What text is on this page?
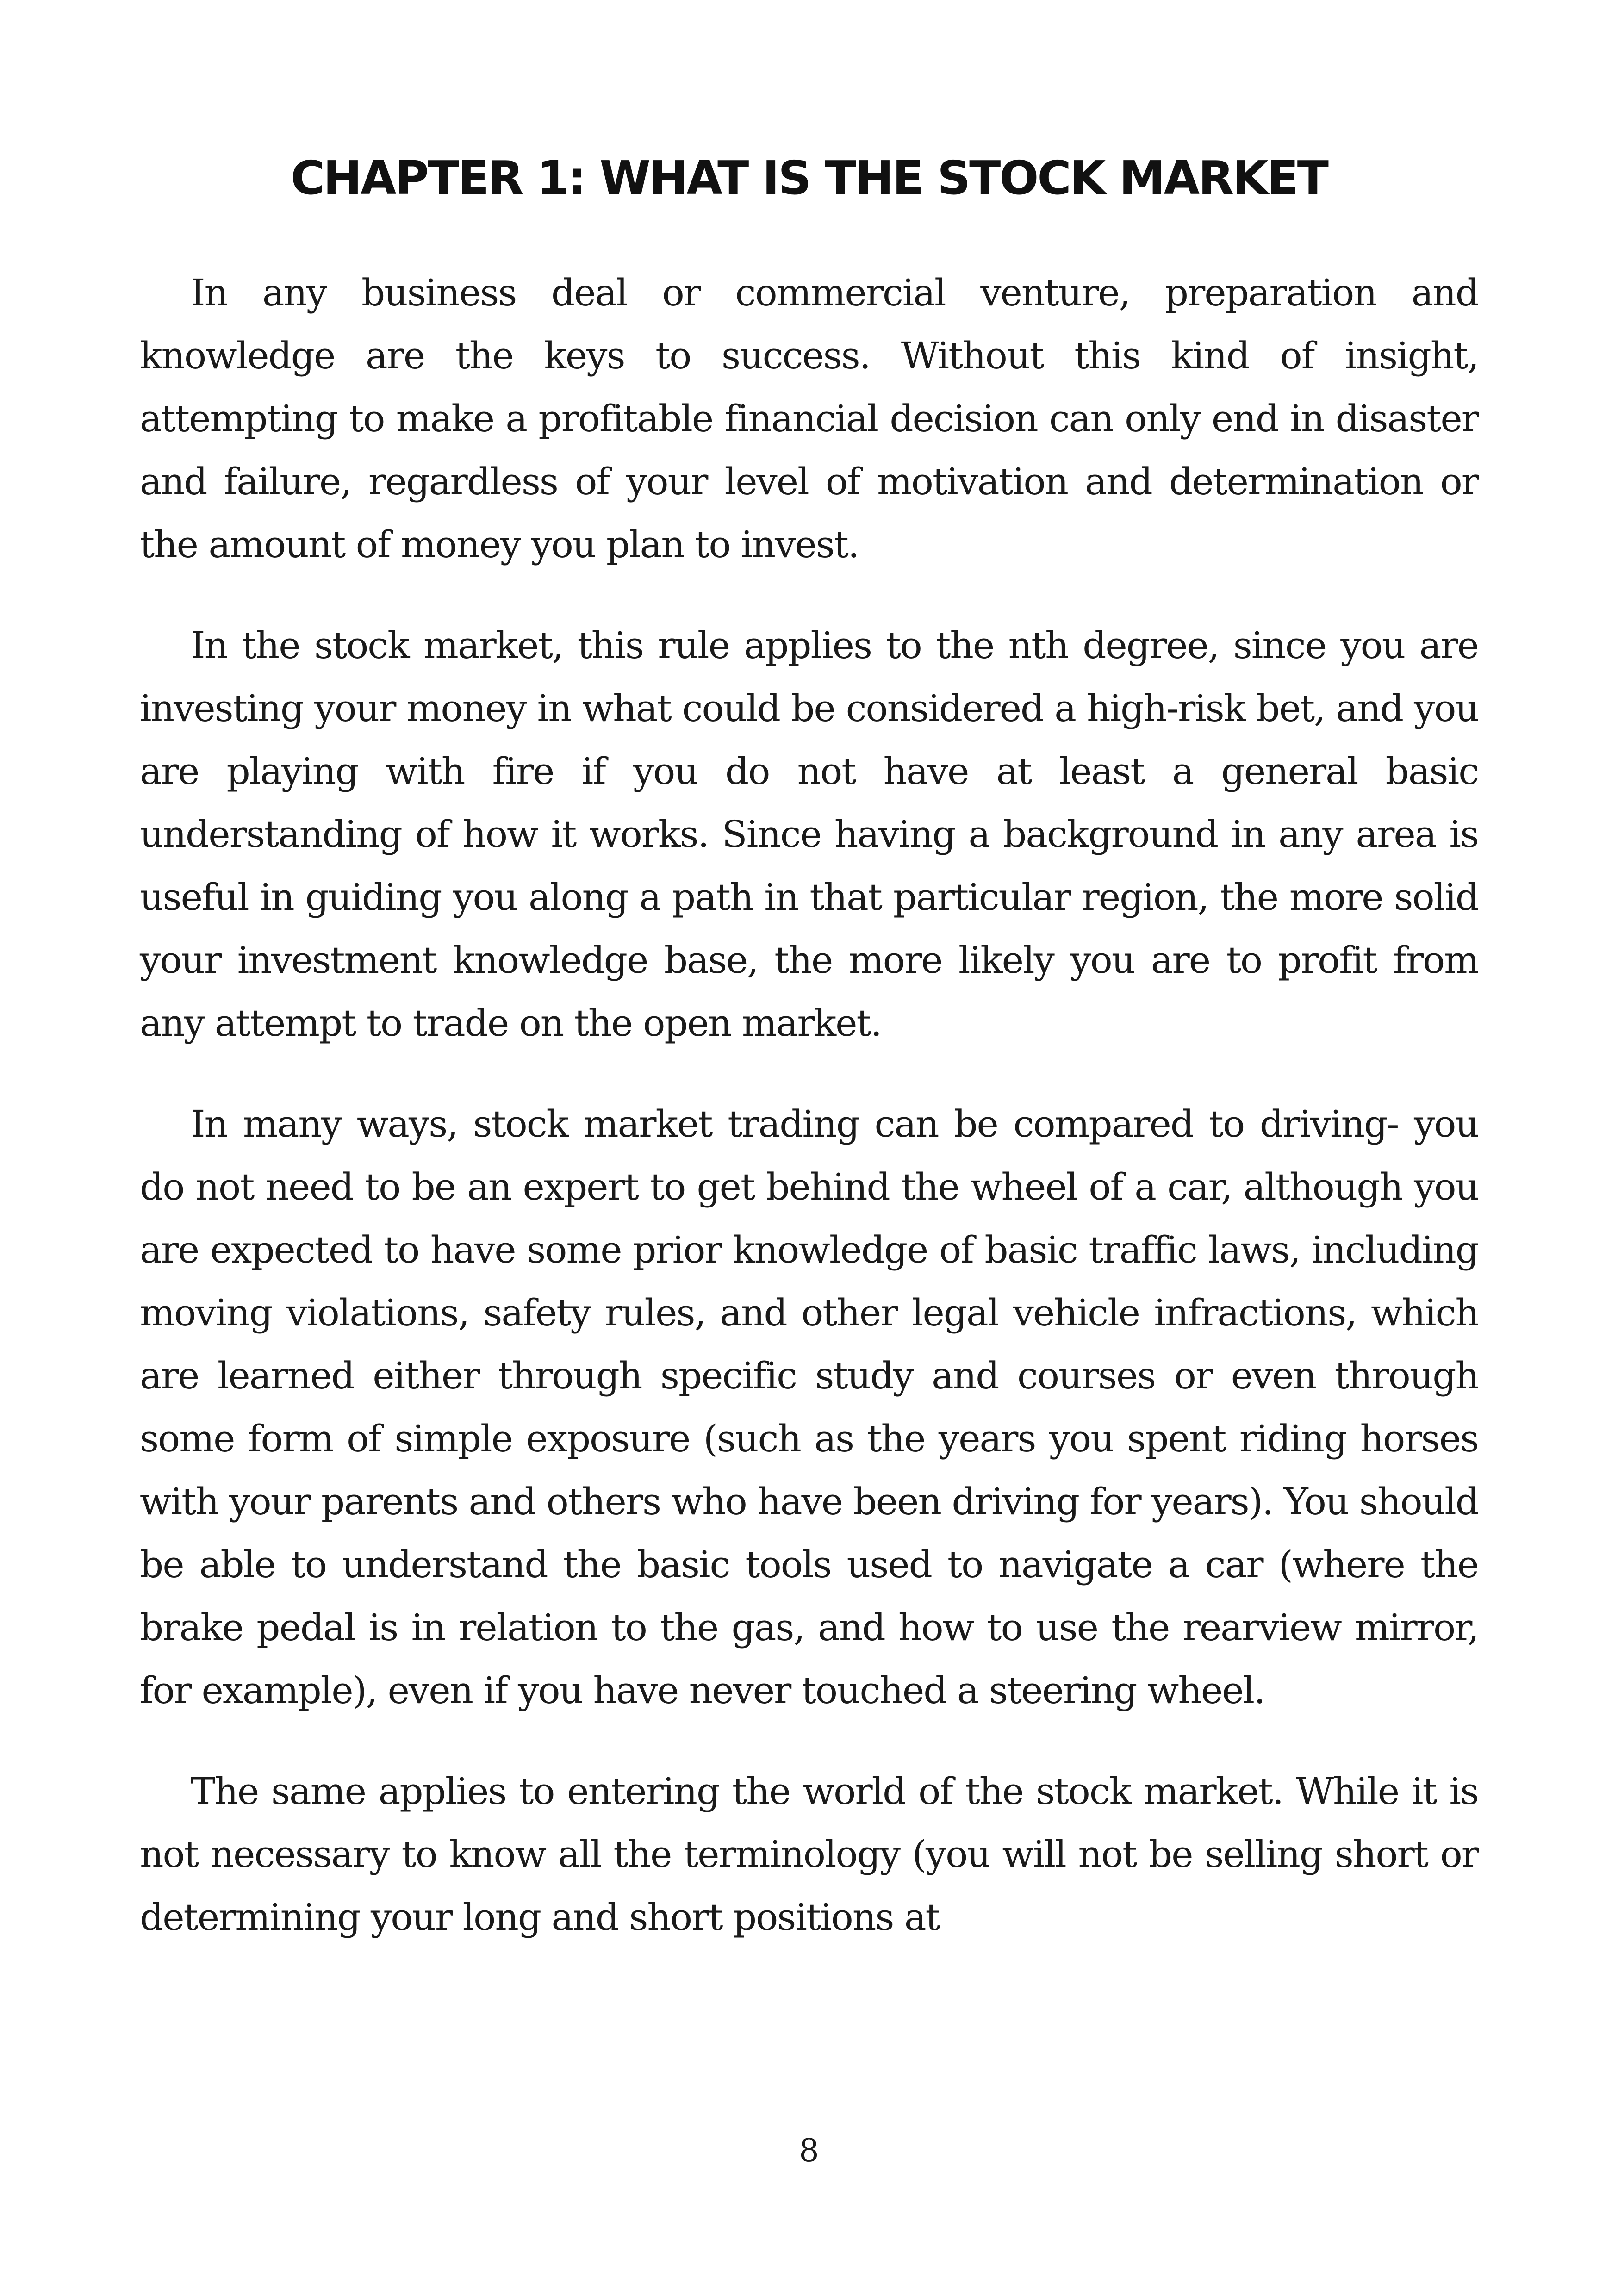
CHAPTER 1: WHAT IS THE STOCK MARKET

In any business deal or commercial venture, preparation and knowledge are the keys to success. Without this kind of insight, attempting to make a profitable financial decision can only end in disaster and failure, regardless of your level of motivation and determination or the amount of money you plan to invest.

In the stock market, this rule applies to the nth degree, since you are investing your money in what could be considered a high-risk bet, and you are playing with fire if you do not have at least a general basic understanding of how it works. Since having a background in any area is useful in guiding you along a path in that particular region, the more solid your investment knowledge base, the more likely you are to profit from any attempt to trade on the open market.

In many ways, stock market trading can be compared to driving- you do not need to be an expert to get behind the wheel of a car, although you are expected to have some prior knowledge of basic traffic laws, including moving violations, safety rules, and other legal vehicle infractions, which are learned either through specific study and courses or even through some form of simple exposure (such as the years you spent riding horses with your parents and others who have been driving for years). You should be able to understand the basic tools used to navigate a car (where the brake pedal is in relation to the gas, and how to use the rearview mirror, for example), even if you have never touched a steering wheel.

The same applies to entering the world of the stock market. While it is not necessary to know all the terminology (you will not be selling short or determining your long and short positions at

8
